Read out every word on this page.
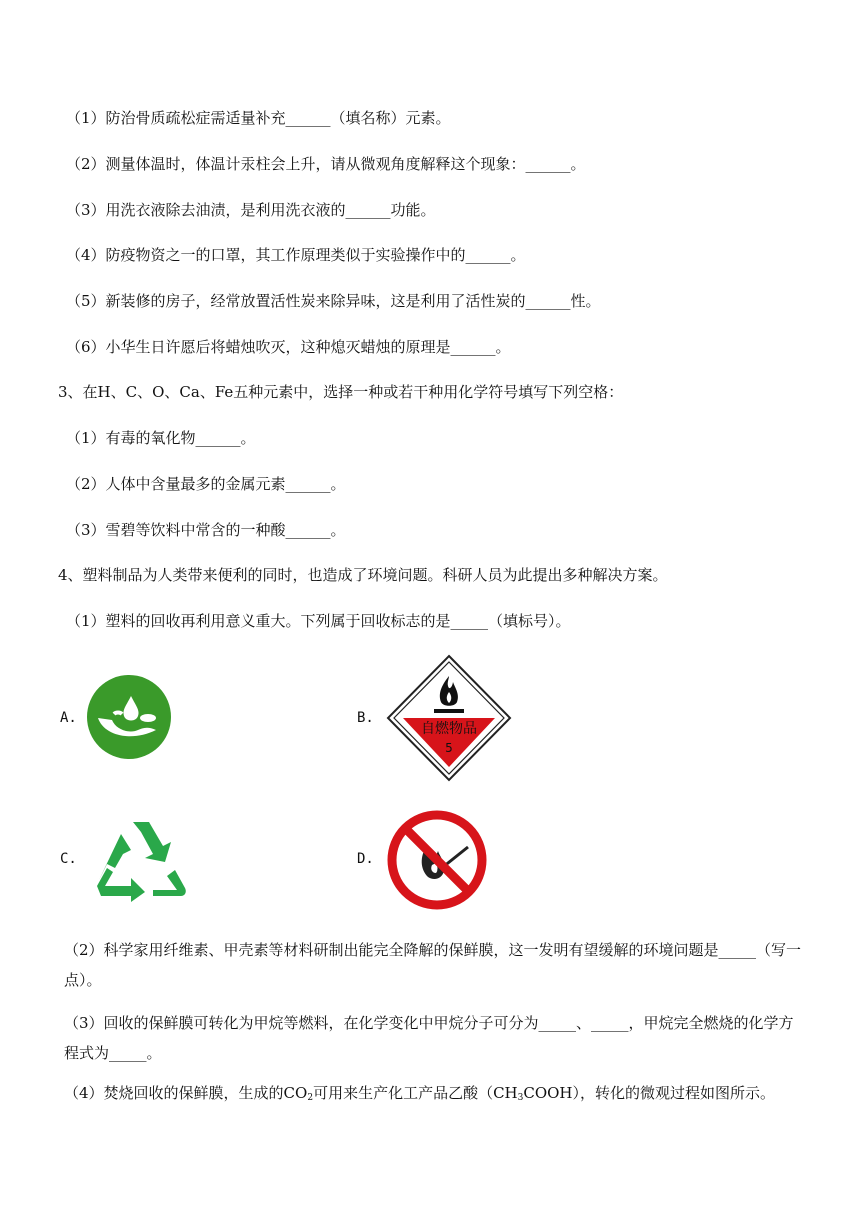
（1）防治骨质疏松症需适量补充______（填名称）元素。
（2）测量体温时，体温计汞柱会上升，请从微观角度解释这个现象：______。
（3）用洗衣液除去油渍，是利用洗衣液的______功能。
（4）防疫物资之一的口罩，其工作原理类似于实验操作中的______。
（5）新装修的房子，经常放置活性炭来除异味，这是利用了活性炭的______性。
（6）小华生日许愿后将蜡烛吹灭，这种熄灭蜡烛的原理是______。
3、在H、C、O、Ca、Fe五种元素中，选择一种或若干种用化学符号填写下列空格：
（1）有毒的氧化物______。
（2）人体中含量最多的金属元素______。
（3）雪碧等饮料中常含的一种酸______。
4、塑料制品为人类带来便利的同时，也造成了环境问题。科研人员为此提出多种解决方案。
（1）塑料的回收再利用意义重大。下列属于回收标志的是_____（填标号）。
A.	B.
自燃物品
5
C.	D.
（2）科学家用纤维素、甲壳素等材料研制出能完全降解的保鲜膜，这一发明有望缓解的环境问题是_____（写一点）。
（3）回收的保鲜膜可转化为甲烷等燃料，在化学变化中甲烷分子可分为_____、_____，甲烷完全燃烧的化学方程式为_____。
（4）焚烧回收的保鲜膜，生成的$CO_2$可用来生产化工产品乙酸$(CH_3COOH)$，转化的微观过程如图所示。
